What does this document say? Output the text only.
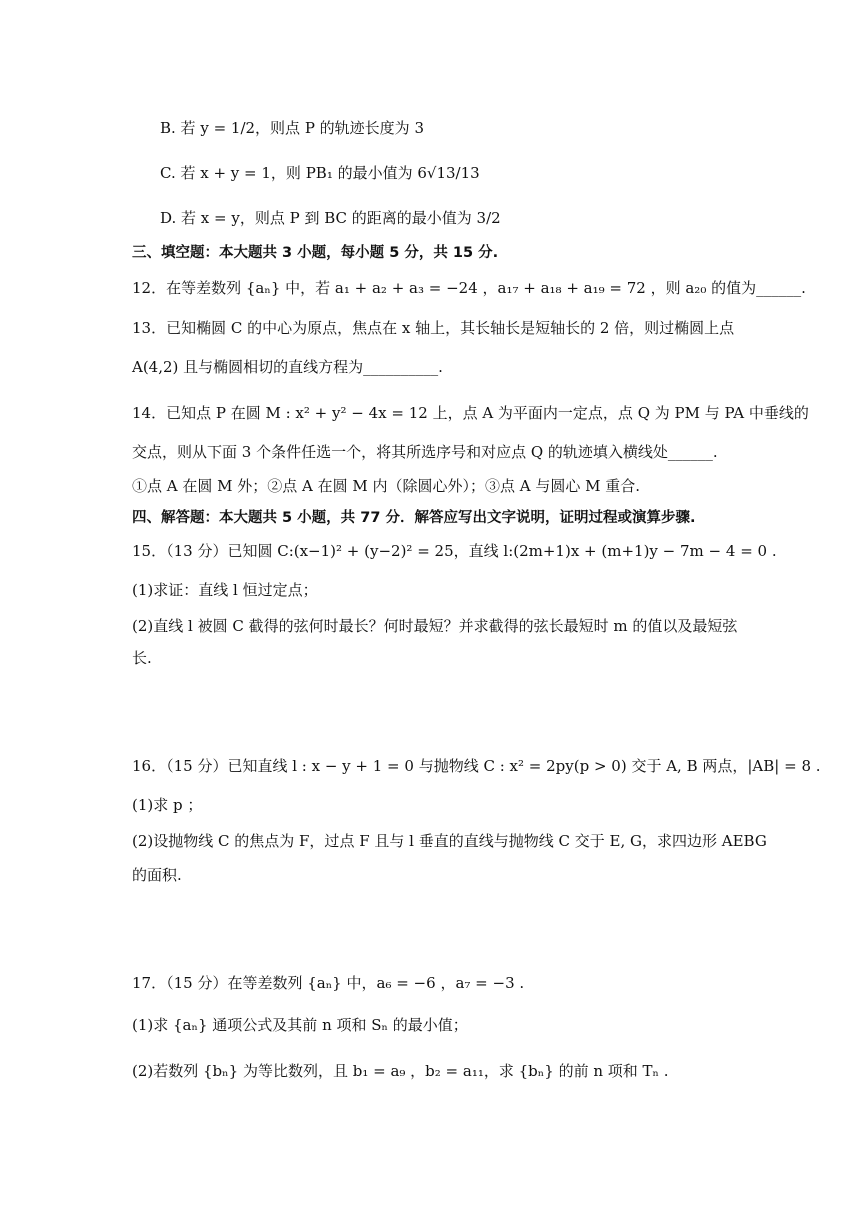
B. 若 y = 1/2，则点 P 的轨迹长度为 3
C. 若 x + y = 1，则 PB₁ 的最小值为 6√13/13
D. 若 x = y，则点 P 到 BC 的距离的最小值为 3/2
三、填空题：本大题共 3 小题，每小题 5 分，共 15 分.
12．在等差数列 {aₙ} 中，若 a₁ + a₂ + a₃ = −24 ，a₁₇ + a₁₈ + a₁₉ = 72 ，则 a₂₀ 的值为______.
13．已知椭圆 C 的中心为原点，焦点在 x 轴上，其长轴长是短轴长的 2 倍，则过椭圆上点
A(4,2) 且与椭圆相切的直线方程为__________.
14．已知点 P 在圆 M : x² + y² − 4x = 12 上，点 A 为平面内一定点，点 Q 为 PM 与 PA 中垂线的
交点，则从下面 3 个条件任选一个，将其所选序号和对应点 Q 的轨迹填入横线处______.
①点 A 在圆 M 外；②点 A 在圆 M 内（除圆心外）；③点 A 与圆心 M 重合.
四、解答题：本大题共 5 小题，共 77 分．解答应写出文字说明，证明过程或演算步骤.
15．（13 分）已知圆 C:(x−1)² + (y−2)² = 25，直线 l:(2m+1)x + (m+1)y − 7m − 4 = 0 .
(1)求证：直线 l 恒过定点；
(2)直线 l 被圆 C 截得的弦何时最长？何时最短？并求截得的弦长最短时 m 的值以及最短弦
长.
16．（15 分）已知直线 l : x − y + 1 = 0 与抛物线 C : x² = 2py(p > 0) 交于 A, B 两点，|AB| = 8 .
(1)求 p ；
(2)设抛物线 C 的焦点为 F，过点 F 且与 l 垂直的直线与抛物线 C 交于 E, G，求四边形 AEBG
的面积.
17．（15 分）在等差数列 {aₙ} 中，a₆ = −6 ，a₇ = −3 .
(1)求 {aₙ} 通项公式及其前 n 项和 Sₙ 的最小值；
(2)若数列 {bₙ} 为等比数列，且 b₁ = a₉ ，b₂ = a₁₁，求 {bₙ} 的前 n 项和 Tₙ .
